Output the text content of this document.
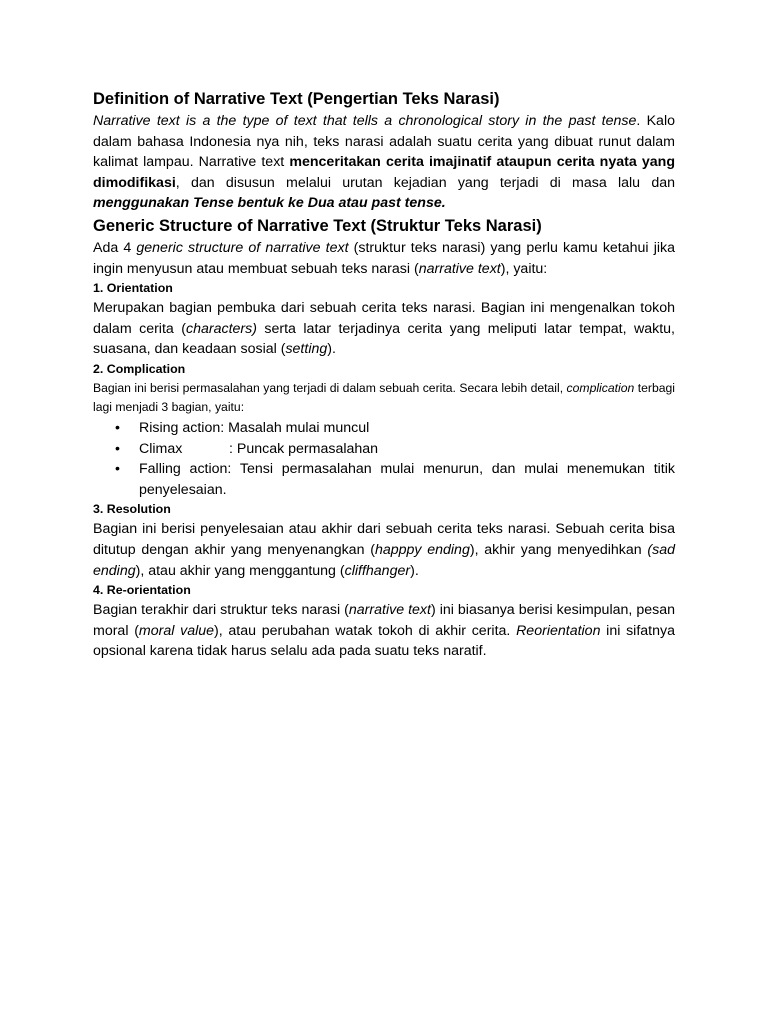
Definition of Narrative Text (Pengertian Teks Narasi)

Narrative text is a the type of text that tells a chronological story in the past tense. Kalo dalam bahasa Indonesia nya nih, teks narasi adalah suatu cerita yang dibuat runut dalam kalimat lampau. Narrative text menceritakan cerita imajinatif ataupun cerita nyata yang dimodifikasi, dan disusun melalui urutan kejadian yang terjadi di masa lalu dan menggunakan Tense bentuk ke Dua atau past tense.

Generic Structure of Narrative Text (Struktur Teks Narasi)

Ada 4 generic structure of narrative text (struktur teks narasi) yang perlu kamu ketahui jika ingin menyusun atau membuat sebuah teks narasi (narrative text), yaitu:

1. Orientation

Merupakan bagian pembuka dari sebuah cerita teks narasi. Bagian ini mengenalkan tokoh dalam cerita (characters) serta latar terjadinya cerita yang meliputi latar tempat, waktu, suasana, dan keadaan sosial (setting).

2. Complication

Bagian ini berisi permasalahan yang terjadi di dalam sebuah cerita. Secara lebih detail, complication terbagi lagi menjadi 3 bagian, yaitu:

• Rising action: Masalah mulai muncul
• Climax	: Puncak permasalahan
• Falling action: Tensi permasalahan mulai menurun, dan mulai menemukan titik penyelesaian.

3. Resolution

Bagian ini berisi penyelesaian atau akhir dari sebuah cerita teks narasi. Sebuah cerita bisa ditutup dengan akhir yang menyenangkan (happpy ending), akhir yang menyedihkan (sad ending), atau akhir yang menggantung (cliffhanger).

4. Re-orientation

Bagian terakhir dari struktur teks narasi (narrative text) ini biasanya berisi kesimpulan, pesan moral (moral value), atau perubahan watak tokoh di akhir cerita. Reorientation ini sifatnya opsional karena tidak harus selalu ada pada suatu teks naratif.
